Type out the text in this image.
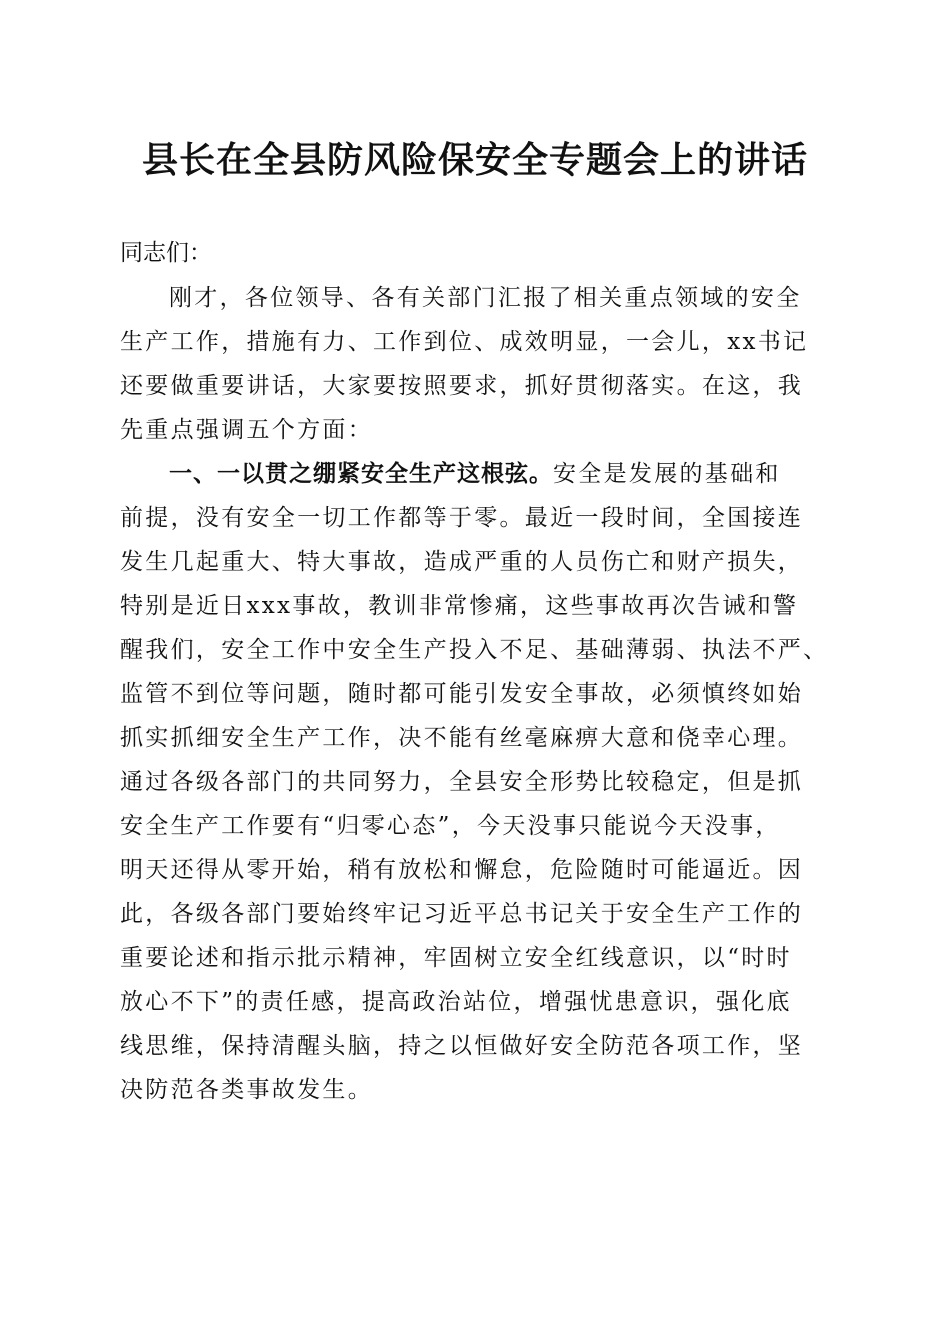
县长在全县防风险保安全专题会上的讲话
同志们：
刚才，各位领导、各有关部门汇报了相关重点领域的安全
生产工作，措施有力、工作到位、成效明显，一会儿，xx书记
还要做重要讲话，大家要按照要求，抓好贯彻落实。在这，我
先重点强调五个方面：
一、一以贯之绷紧安全生产这根弦。安全是发展的基础和
前提，没有安全一切工作都等于零。最近一段时间，全国接连
发生几起重大、特大事故，造成严重的人员伤亡和财产损失，
特别是近日xxx事故，教训非常惨痛，这些事故再次告诫和警
醒我们，安全工作中安全生产投入不足、基础薄弱、执法不严、
监管不到位等问题，随时都可能引发安全事故，必须慎终如始
抓实抓细安全生产工作，决不能有丝毫麻痹大意和侥幸心理。
通过各级各部门的共同努力，全县安全形势比较稳定，但是抓
安全生产工作要有“归零心态”，今天没事只能说今天没事，
明天还得从零开始，稍有放松和懈怠，危险随时可能逼近。因
此，各级各部门要始终牢记习近平总书记关于安全生产工作的
重要论述和指示批示精神，牢固树立安全红线意识，以“时时
放心不下”的责任感，提高政治站位，增强忧患意识，强化底
线思维，保持清醒头脑，持之以恒做好安全防范各项工作，坚
决防范各类事故发生。
